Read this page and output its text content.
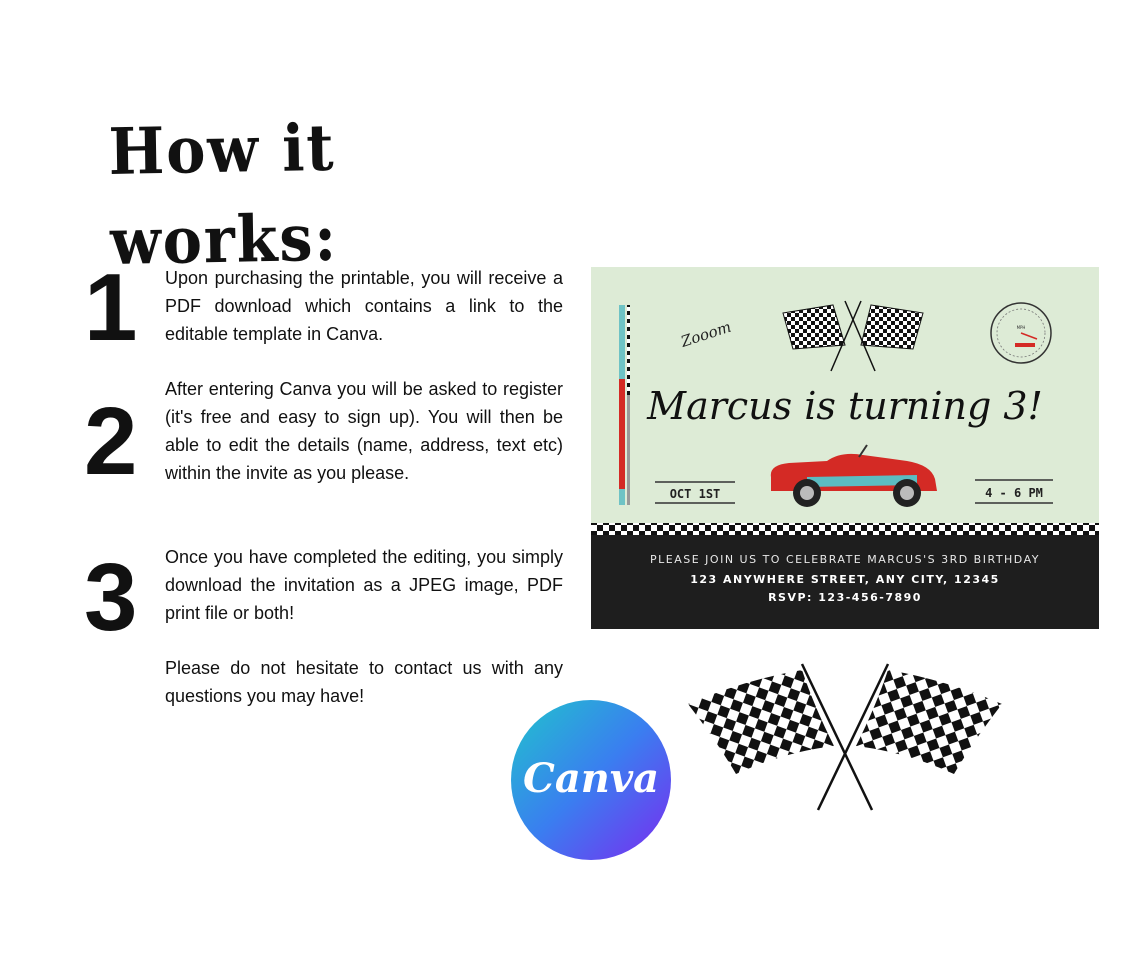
How it works:
1 Upon purchasing the printable, you will receive a PDF download which contains a link to the editable template in Canva.

2 After entering Canva you will be asked to register (it's free and easy to sign up). You will then be able to edit the details (name, address, text etc) within the invite as you please.

3 Once you have completed the editing, you simply download the invitation as a JPEG image, PDF print file or both!

Please do not hesitate to contact us with any questions you may have!

Zooom	MPH
Marcus is turning 3!
OCT 1ST	4 - 6 PM
PLEASE JOIN US TO CELEBRATE MARCUS'S 3RD BIRTHDAY
123 ANYWHERE STREET, ANY CITY, 12345
RSVP: 123-456-7890
Canva
